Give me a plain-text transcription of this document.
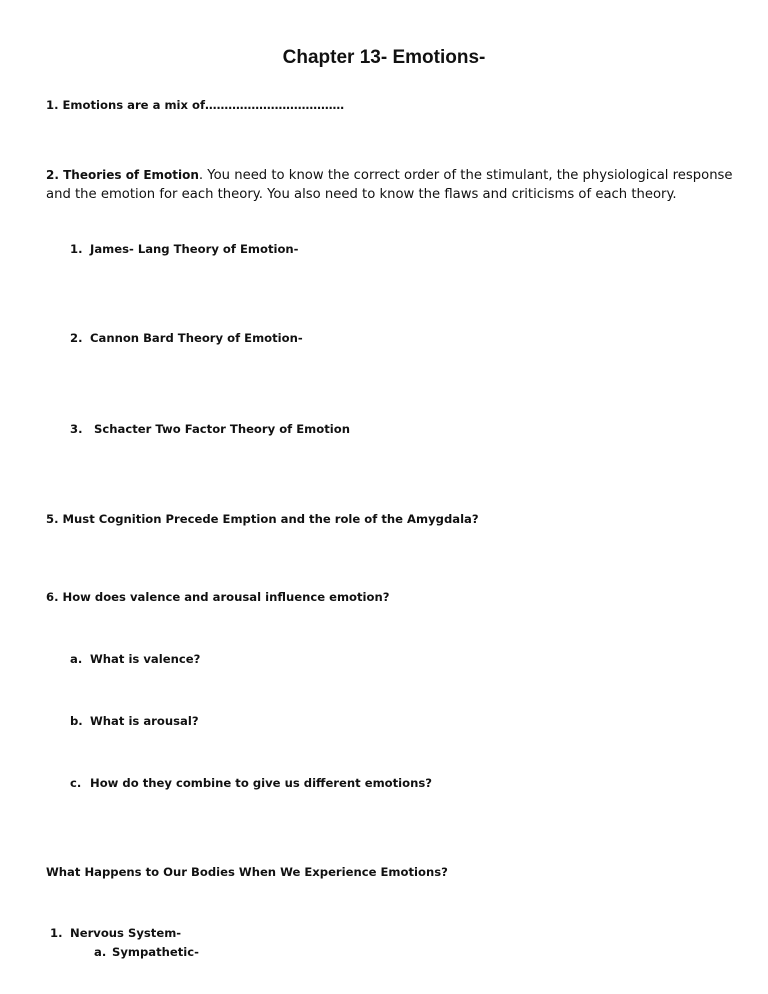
Chapter 13- Emotions-
1. Emotions are a mix of………………………………
2. Theories of Emotion. You need to know the correct order of the stimulant, the physiological response and the emotion for each theory. You also need to know the flaws and criticisms of each theory.
1. James- Lang Theory of Emotion-
2. Cannon Bard Theory of Emotion-
3. Schacter Two Factor Theory of Emotion
5. Must Cognition Precede Emption and the role of the Amygdala?
6. How does valence and arousal influence emotion?
a. What is valence?
b. What is arousal?
c. How do they combine to give us different emotions?
What Happens to Our Bodies When We Experience Emotions?
1. Nervous System-
a. Sympathetic-
